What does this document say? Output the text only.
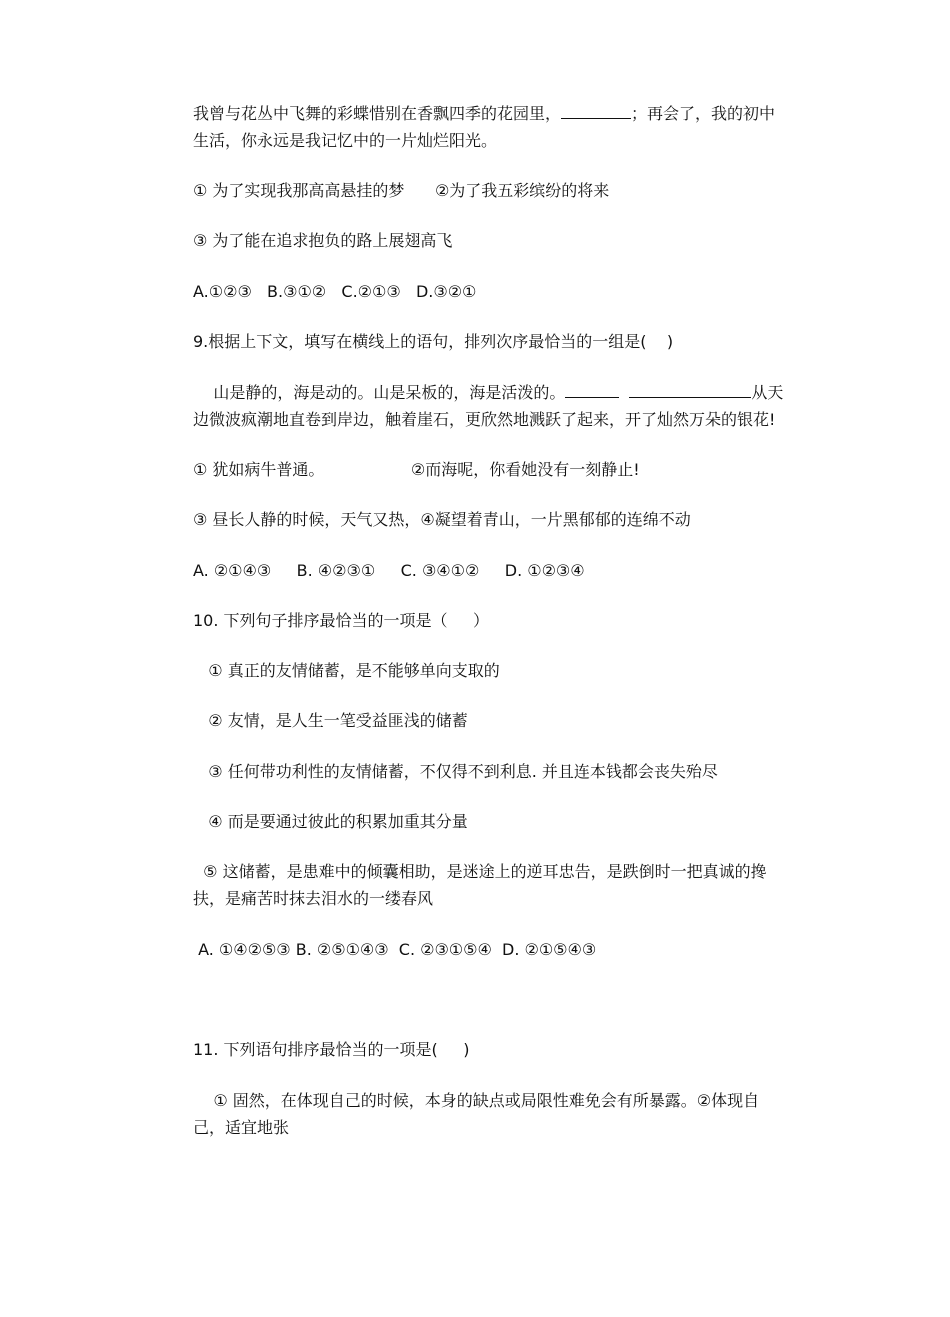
我曾与花丛中飞舞的彩蝶惜别在香飘四季的花园里，	；再会了，我的初中
生活，你永远是我记忆中的一片灿烂阳光。
① 为了实现我那高高悬挂的梦      ②为了我五彩缤纷的将来
③ 为了能在追求抱负的路上展翅高飞
A.①②③   B.③①②   C.②①③   D.③②①
9.根据上下文，填写在横线上的语句，排列次序最恰当的一组是(    )
山是静的，海是动的。山是呆板的，海是活泼的。	从天
边微波疯潮地直卷到岸边，触着崖石，更欣然地溅跃了起来，开了灿然万朵的银花!
① 犹如病牛普通。                 ②而海呢，你看她没有一刻静止!
③ 昼长人静的时候，天气又热，④凝望着青山，一片黑郁郁的连绵不动
A. ②①④③     B. ④②③①     C. ③④①②     D. ①②③④
10. 下列句子排序最恰当的一项是（     ）
① 真正的友情储蓄，是不能够单向支取的
② 友情，是人生一笔受益匪浅的储蓄
③ 任何带功利性的友情储蓄，不仅得不到利息. 并且连本钱都会丧失殆尽
④ 而是要通过彼此的积累加重其分量
⑤ 这储蓄，是患难中的倾囊相助，是迷途上的逆耳忠告，是跌倒时一把真诚的搀
扶，是痛苦时抹去泪水的一缕春风
A. ①④②⑤③ B. ②⑤①④③  C. ②③①⑤④  D. ②①⑤④③
11. 下列语句排序最恰当的一项是(     )
① 固然，在体现自己的时候，本身的缺点或局限性难免会有所暴露。②体现自
己，适宜地张
